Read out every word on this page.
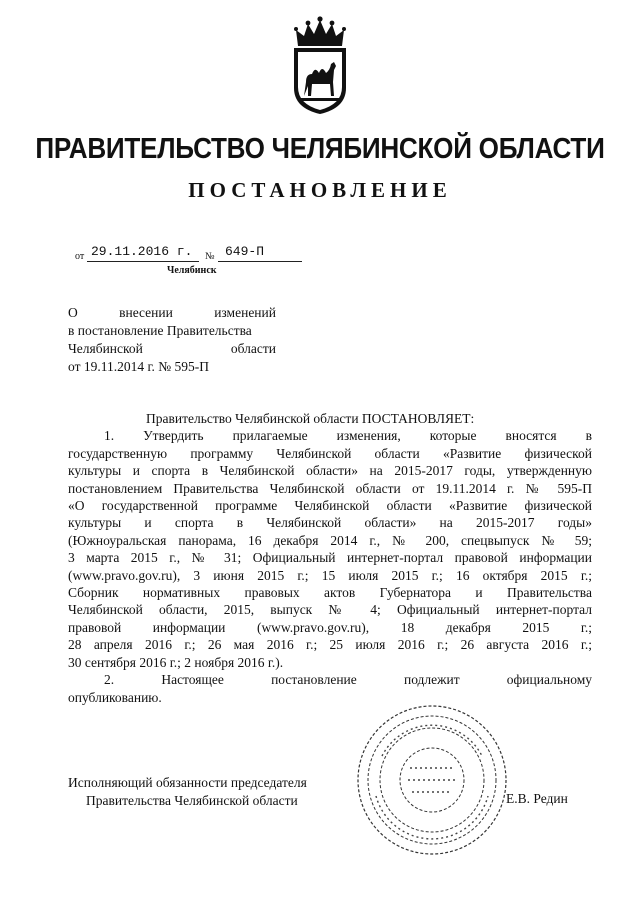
ПРАВИТЕЛЬСТВО ЧЕЛЯБИНСКОЙ ОБЛАСТИ
ПОСТАНОВЛЕНИЕ
от 29.11.2016 г. № 649-П
Челябинск
О	внесении	изменений
в постановление Правительства
Челябинской	области
от 19.11.2014 г. № 595-П
Правительство Челябинской области ПОСТАНОВЛЯЕТ:
1. Утвердить прилагаемые изменения, которые вносятся в
государственную программу Челябинской области «Развитие физической
культуры и спорта в Челябинской области» на 2015-2017 годы, утвержденную
постановлением Правительства Челябинской области от 19.11.2014 г. № 595-П
«О государственной программе Челябинской области «Развитие физической
культуры и спорта в Челябинской области» на 2015-2017 годы»
(Южноуральская панорама, 16 декабря 2014 г., № 200, спецвыпуск № 59;
3 марта 2015 г., № 31; Официальный интернет-портал правовой информации
(www.pravo.gov.ru), 3 июня 2015 г.; 15 июля 2015 г.; 16 октября 2015 г.;
Сборник нормативных правовых актов Губернатора и Правительства
Челябинской области, 2015, выпуск № 4; Официальный интернет-портал
правовой информации (www.pravo.gov.ru), 18 декабря 2015 г.;
28 апреля 2016 г.; 26 мая 2016 г.; 25 июля 2016 г.; 26 августа 2016 г.;
30 сентября 2016 г.; 2 ноября 2016 г.).
2. Настоящее постановление подлежит официальному
опубликованию.
Исполняющий обязанности председателя
Правительства Челябинской области	Е.В. Редин
